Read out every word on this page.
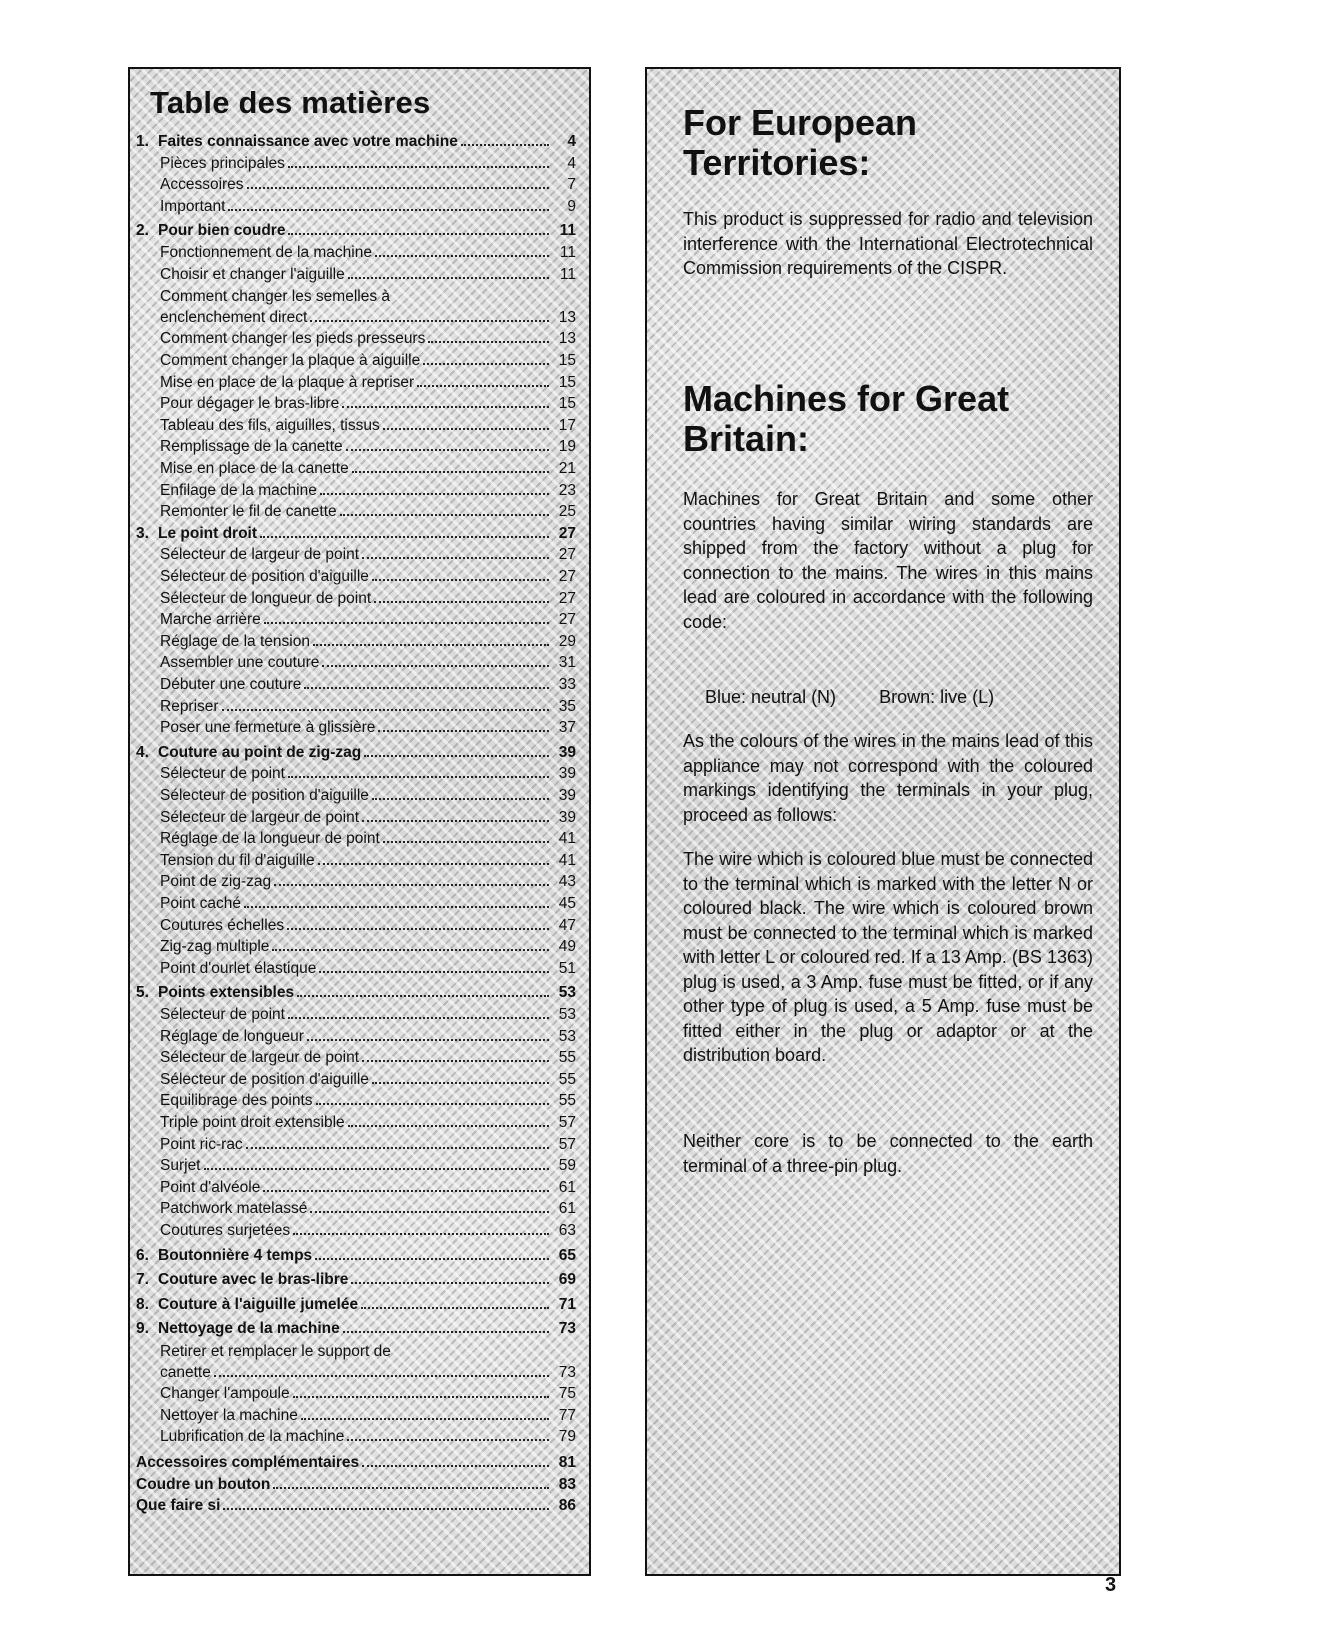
Table des matières
1. Faites connaissance avec votre machine	4
Pièces principales	4
Accessoires	7
Important	9
2. Pour bien coudre	11
Fonctionnement de la machine	11
Choisir et changer l'aiguille	11
Comment changer les semelles à
enclenchement direct	13
Comment changer les pieds presseurs	13
Comment changer la plaque à aiguille	15
Mise en place de la plaque à repriser	15
Pour dégager le bras-libre	15
Tableau des fils, aiguilles, tissus	17
Remplissage de la canette	19
Mise en place de la canette	21
Enfilage de la machine	23
Remonter le fil de canette	25
3. Le point droit	27
Sélecteur de largeur de point	27
Sélecteur de position d'aiguille	27
Sélecteur de longueur de point	27
Marche arrière	27
Réglage de la tension	29
Assembler une couture	31
Débuter une couture	33
Repriser	35
Poser une fermeture à glissière	37
4. Couture au point de zig-zag	39
Sélecteur de point	39
Sélecteur de position d'aiguille	39
Sélecteur de largeur de point	39
Réglage de la longueur de point	41
Tension du fil d'aiguille	41
Point de zig-zag	43
Point caché	45
Coutures échelles	47
Zig-zag multiple	49
Point d'ourlet élastique	51
5. Points extensibles	53
Sélecteur de point	53
Réglage de longueur	53
Sélecteur de largeur de point	55
Sélecteur de position d'aiguille	55
Equilibrage des points	55
Triple point droit extensible	57
Point ric-rac	57
Surjet	59
Point d'alvéole	61
Patchwork matelassé	61
Coutures surjetées	63
6. Boutonnière 4 temps	65
7. Couture avec le bras-libre	69
8. Couture à l'aiguille jumelée	71
9. Nettoyage de la machine	73
Retirer et remplacer le support de
canette	73
Changer l'ampoule	75
Nettoyer la machine	77
Lubrification de la machine	79
Accessoires complémentaires	81
Coudre un bouton	83
Que faire si	86
For European Territories:

This product is suppressed for radio and television interference with the International Electrotechnical Commission requirements of the CISPR.

Machines for Great Britain:

Machines for Great Britain and some other countries having similar wiring standards are shipped from the factory without a plug for connection to the mains. The wires in this mains lead are coloured in accordance with the following code:

Blue: neutral (N) Brown: live (L)

As the colours of the wires in the mains lead of this appliance may not correspond with the coloured markings identifying the terminals in your plug, proceed as follows:

The wire which is coloured blue must be connected to the terminal which is marked with the letter N or coloured black. The wire which is coloured brown must be connected to the terminal which is marked with letter L or coloured red. If a 13 Amp. (BS 1363) plug is used, a 3 Amp. fuse must be fitted, or if any other type of plug is used, a 5 Amp. fuse must be fitted either in the plug or adaptor or at the distribution board.

Neither core is to be connected to the earth terminal of a three-pin plug.

3
